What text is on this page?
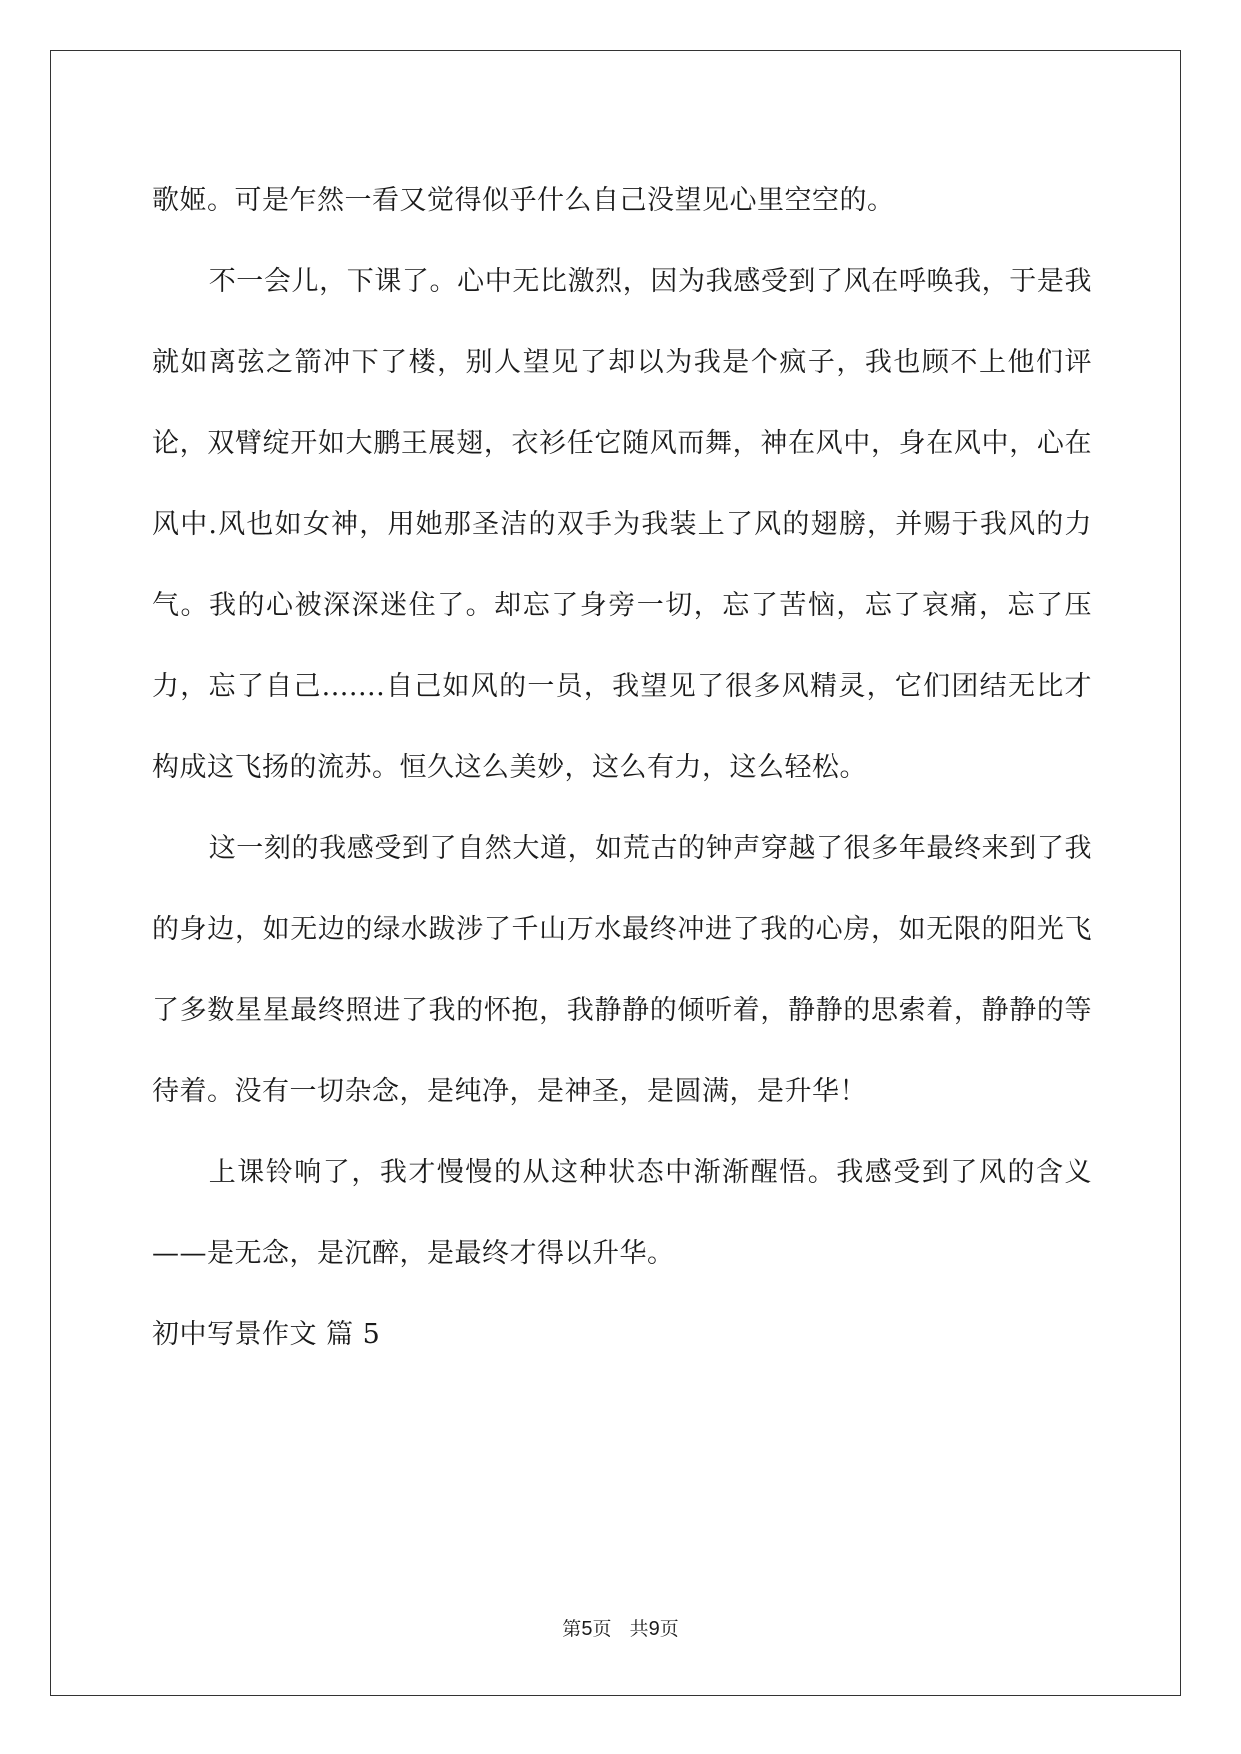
歌姬。可是乍然一看又觉得似乎什么自己没望见心里空空的。

不一会儿，下课了。心中无比激烈，因为我感受到了风在呼唤我，于是我就如离弦之箭冲下了楼，别人望见了却以为我是个疯子，我也顾不上他们评论，双臂绽开如大鹏王展翅，衣衫任它随风而舞，神在风中，身在风中，心在风中.风也如女神，用她那圣洁的双手为我装上了风的翅膀，并赐于我风的力气。我的心被深深迷住了。却忘了身旁一切，忘了苦恼，忘了哀痛，忘了压力，忘了自己.......自己如风的一员，我望见了很多风精灵，它们团结无比才构成这飞扬的流苏。恒久这么美妙，这么有力，这么轻松。

这一刻的我感受到了自然大道，如荒古的钟声穿越了很多年最终来到了我的身边，如无边的绿水跋涉了千山万水最终冲进了我的心房，如无限的阳光飞了多数星星最终照进了我的怀抱，我静静的倾听着，静静的思索着，静静的等待着。没有一切杂念，是纯净，是神圣，是圆满，是升华！

上课铃响了，我才慢慢的从这种状态中渐渐醒悟。我感受到了风的含义——是无念，是沉醉，是最终才得以升华。

初中写景作文 篇 5

第5页   共9页
